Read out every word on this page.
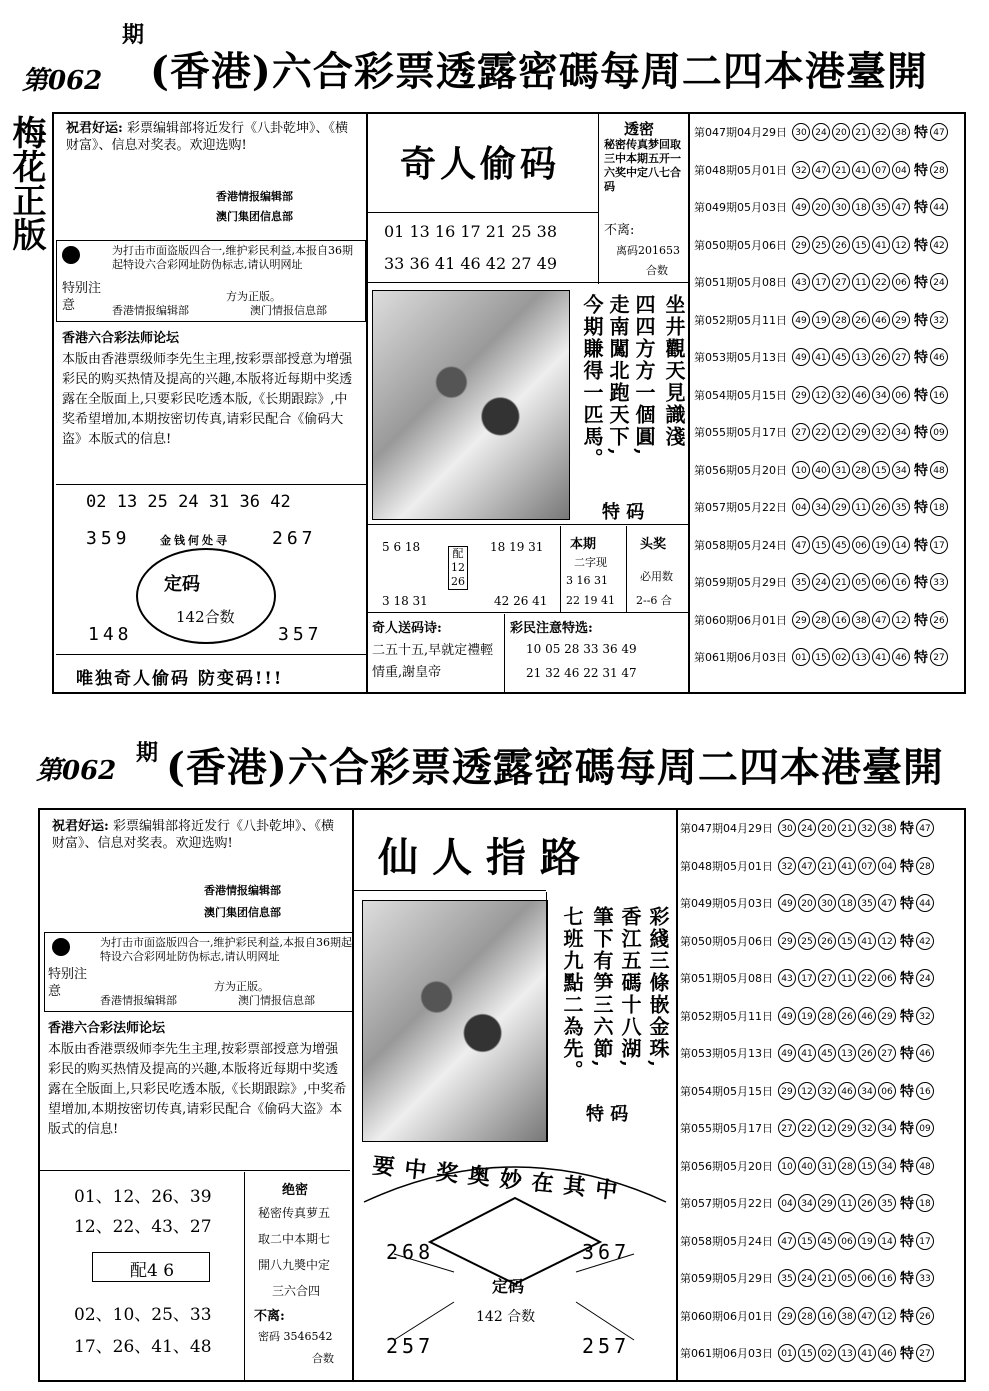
第062
期
(香港)六合彩票透露密碼每周二四本港臺開
梅花正版 祝君好运: 彩票编辑部将近发行《八卦乾坤》、《横财富》、信息对奖表。欢迎选购!
香港情报编辑部
澳门集团信息部
特别注意
为打击市面盗版四合一,维护彩民利益,本报自36期起特设六合彩网址防伪标志,请认明网址
香港情报编辑部
方为正版。
澳门情报信息部
香港六合彩法师论坛
本版由香港票级师李先生主理,按彩票部授意为增强彩民的购买热情及提高的兴趣,本版将近每期中奖透露在全版面上,只要彩民吃透本版,《长期跟踪》,中奖希望增加,本期按密切传真,请彩民配合《偷码大盗》本版式的信息!
02 13 25 24 31 36 42
359	267
金钱何处寻
定码
142合数
148	357
唯独奇人偷码 防变码!!!
奇人偷码
01 13 16 17 21 25 38
33 36 41 46 42 27 49
坐井觀天見識淺
四四方方一個圓,
走南闖北跑天下,
今期賺得一匹馬。
特 码
透密
秘密传真梦回取三中本期五开一六奖中定八七合码
不离:
离码201653
合数
5 6 18
3 18 31
配12 26
18 19 31
42 26 41
本期
二字现
3 16 31
22 19 41
头奖
必用数
2--6 合
奇人送码诗:
二五十五,早就定禮輕情重,謝皇帝
彩民注意特选:
10 05 28 33 36 49
21 32 46 22 31 47
第047期04月29日 30 24 20 21 32 38 特 47
第048期05月01日 32 47 21 41 07 04 特 28
第049期05月03日 49 20 30 18 35 47 特 44
第050期05月06日 29 25 26 15 41 12 特 42
第051期05月08日 43 17 27 11 22 06 特 24
第052期05月11日 49 19 28 26 46 29 特 32
第053期05月13日 49 41 45 13 26 27 特 46
第054期05月15日 29 12 32 46 34 06 特 16
第055期05月17日 27 22 12 29 32 34 特 09
第056期05月20日 10 40 31 28 15 34 特 48
第057期05月22日 04 34 29 11 26 35 特 18
第058期05月24日 47 15 45 06 19 14 特 17
第059期05月29日 35 24 21 05 06 16 特 33
第060期06月01日 29 28 16 38 47 12 特 26
第061期06月03日 01 15 02 13 41 46 特 27
第062
期 (香港)六合彩票透露密碼每周二四本港臺開
祝君好运: 彩票编辑部将近发行《八卦乾坤》、《横财富》、信息对奖表。欢迎选购!
香港情报编辑部
澳门集团信息部
特别注意
为打击市面盗版四合一,维护彩民利益,本报自36期起特设六合彩网址防伪标志,请认明网址
香港情报编辑部
方为正版。
澳门情报信息部
香港六合彩法师论坛
本版由香港票级师李先生主理,按彩票部授意为增强彩民的购买热情及提高的兴趣,本版将近每期中奖透露在全版面上,只彩民吃透本版,《长期跟踪》,中奖希望增加,本期按密切传真,请彩民配合《偷码大盗》本版式的信息!
01、12、26、39
12、22、43、27
配4 6
02、10、25、33
17、26、41、48
绝密
秘密传真萝五
取二中本期七
開八九奬中定
三六合四
不离:
密码 3546542
合数
仙人指路
彩綫三條嵌金珠,
香江五碼十八湖,
筆下有笋三六節,
七班九點二為先。
特 码
要中奖奥妙在其中
268	367
定码
142 合数
257	257
第047期04月29日 30 24 20 21 32 38 特 47
第048期05月01日 32 47 21 41 07 04 特 28
第049期05月03日 49 20 30 18 35 47 特 44
第050期05月06日 29 25 26 15 41 12 特 42
第051期05月08日 43 17 27 11 22 06 特 24
第052期05月11日 49 19 28 26 46 29 特 32
第053期05月13日 49 41 45 13 26 27 特 46
第054期05月15日 29 12 32 46 34 06 特 16
第055期05月17日 27 22 12 29 32 34 特 09
第056期05月20日 10 40 31 28 15 34 特 48
第057期05月22日 04 34 29 11 26 35 特 18
第058期05月24日 47 15 45 06 19 14 特 17
第059期05月29日 35 24 21 05 06 16 特 33
第060期06月01日 29 28 16 38 47 12 特 26
第061期06月03日 01 15 02 13 41 46 特 27
